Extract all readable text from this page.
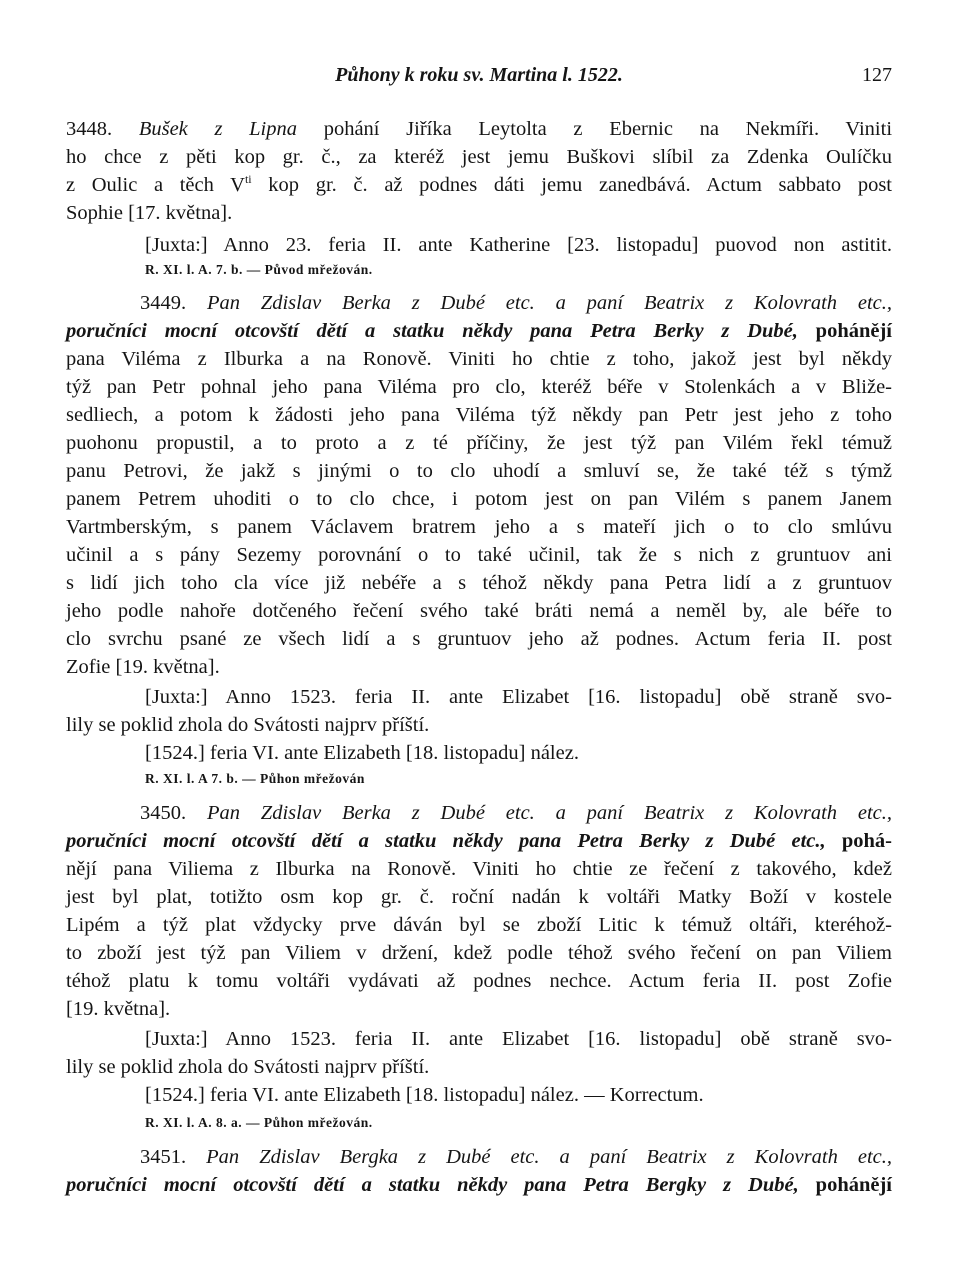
Půhony k roku sv. Martina l. 1522.	127
3448. Bušek z Lipna pohání Jiříka Leytolta z Ebernic na Nekmíři. Viniti
ho chce z pěti kop gr. č., za kteréž jest jemu Buškovi slíbil za Zdenka Oulíčku
z Oulic a těch $V^{ti}$ kop gr. č. až podnes dáti jemu zanedbává. Actum sabbato post
Sophie [17. května].
[Juxta:] Anno 23. feria II. ante Katherine [23. listopadu] puovod non astitit.
R. XI. l. A. 7. b. — Původ mřežován.
3449. Pan Zdislav Berka z Dubé etc. a paní Beatrix z Kolovrath etc.,
poručníci mocní otcovští dětí a statku někdy pana Petra Berky z Dubé, pohánějí
pana Viléma z Ilburka a na Ronově. Viniti ho chtie z toho, jakož jest byl někdy
týž pan Petr pohnal jeho pana Viléma pro clo, kteréž béře v Stolenkách a v Bliže-
sedliech, a potom k žádosti jeho pana Viléma týž někdy pan Petr jest jeho z toho
puohonu propustil, a to proto a z té příčiny, že jest týž pan Vilém řekl témuž
panu Petrovi, že jakž s jinými o to clo uhodí a smluví se, že také též s týmž
panem Petrem uhoditi o to clo chce, i potom jest on pan Vilém s panem Janem
Vartmberským, s panem Václavem bratrem jeho a s mateří jich o to clo smlúvu
učinil a s pány Sezemy porovnání o to také učinil, tak že s nich z gruntuov ani
s lidí jich toho cla více již nebéře a s téhož někdy pana Petra lidí a z gruntuov
jeho podle nahoře dotčeného řečení svého také bráti nemá a neměl by, ale béře to
clo svrchu psané ze všech lidí a s gruntuov jeho až podnes. Actum feria II. post
Zofie [19. května].
[Juxta:] Anno 1523. feria II. ante Elizabet [16. listopadu] obě straně svo-
lily se poklid zhola do Svátosti najprv příští.
[1524.] feria VI. ante Elizabeth [18. listopadu] nález.
R. XI. l. A 7. b. — Půhon mřežován
3450. Pan Zdislav Berka z Dubé etc. a paní Beatrix z Kolovrath etc.,
poručníci mocní otcovští dětí a statku někdy pana Petra Berky z Dubé etc., pohá-
nějí pana Viliema z Ilburka na Ronově. Viniti ho chtie ze řečení z takového, kdež
jest byl plat, totižto osm kop gr. č. roční nadán k voltáři Matky Boží v kostele
Lipém a týž plat vždycky prve dáván byl se zboží Litic k témuž oltáři, kteréhož-
to zboží jest týž pan Viliem v držení, kdež podle téhož svého řečení on pan Viliem
téhož platu k tomu voltáři vydávati až podnes nechce. Actum feria II. post Zofie
[19. května].
[Juxta:] Anno 1523. feria II. ante Elizabet [16. listopadu] obě straně svo-
lily se poklid zhola do Svátosti najprv příští.
[1524.] feria VI. ante Elizabeth [18. listopadu] nález. — Korrectum.
R. XI. l. A. 8. a. — Půhon mřežován.
3451. Pan Zdislav Bergka z Dubé etc. a paní Beatrix z Kolovrath etc.,
poručníci mocní otcovští dětí a statku někdy pana Petra Bergky z Dubé, pohánějí
